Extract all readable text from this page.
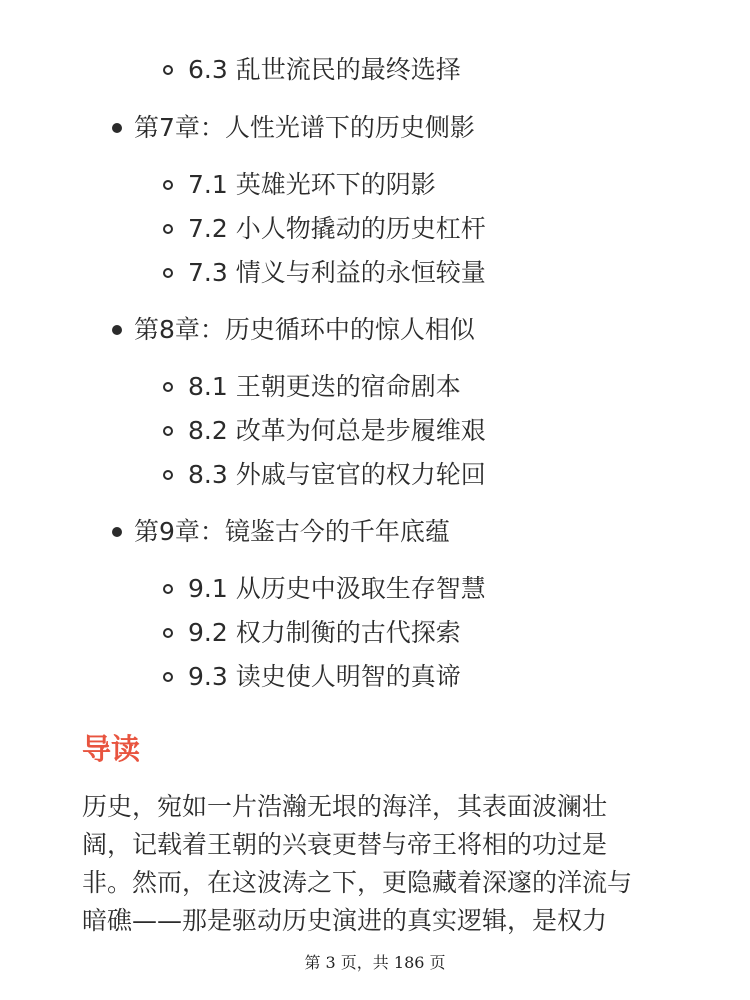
6.3 乱世流民的最终选择
第7章：人性光谱下的历史侧影
7.1 英雄光环下的阴影
7.2 小人物撬动的历史杠杆
7.3 情义与利益的永恒较量
第8章：历史循环中的惊人相似
8.1 王朝更迭的宿命剧本
8.2 改革为何总是步履维艰
8.3 外戚与宦官的权力轮回
第9章：镜鉴古今的千年底蕴
9.1 从历史中汲取生存智慧
9.2 权力制衡的古代探索
9.3 读史使人明智的真谛
导读
历史，宛如一片浩瀚无垠的海洋，其表面波澜壮
阔，记载着王朝的兴衰更替与帝王将相的功过是
非。然而，在这波涛之下，更隐藏着深邃的洋流与
暗礁——那是驱动历史演进的真实逻辑，是权力
第 3 页，共 186 页
